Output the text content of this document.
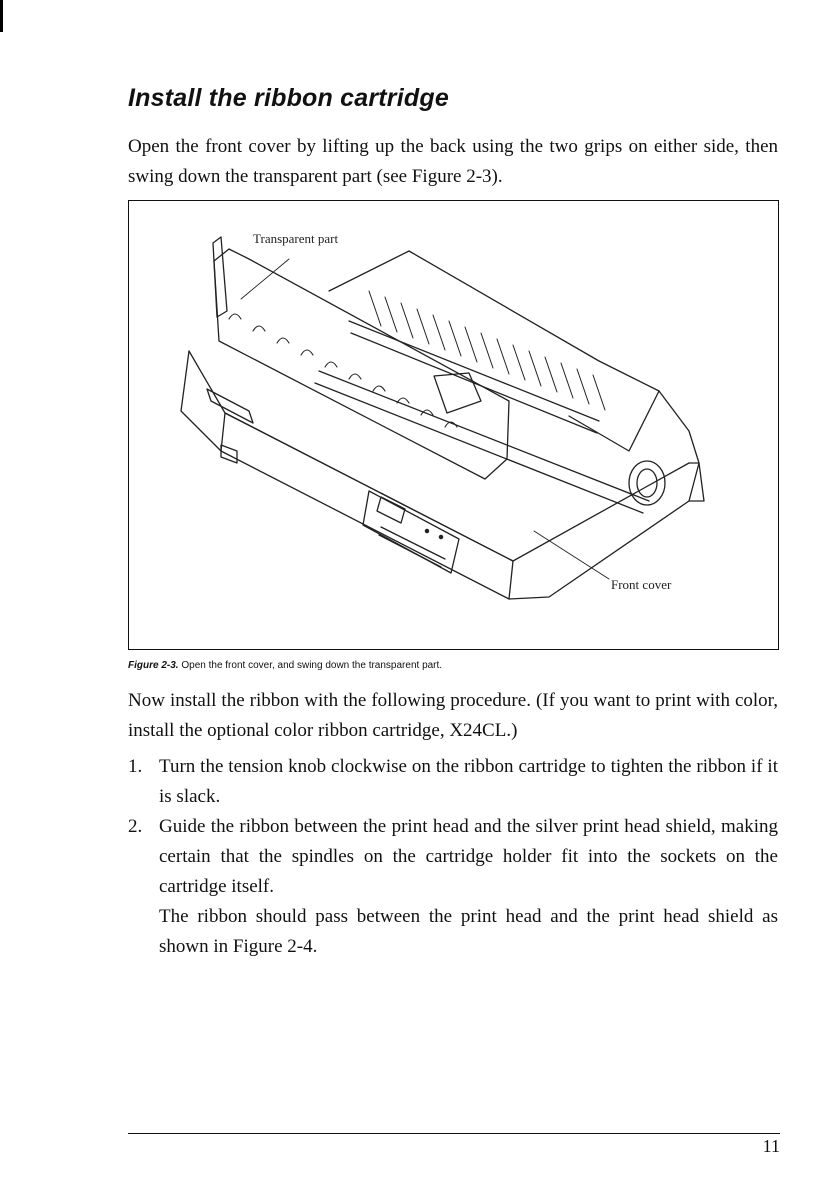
Install the ribbon cartridge

Open the front cover by lifting up the back using the two grips on either side, then swing down the transparent part (see Figure 2-3).

Transparent part
Front cover

Figure 2-3. Open the front cover, and swing down the transparent part.

Now install the ribbon with the following procedure. (If you want to print with color, install the optional color ribbon cartridge, X24CL.)

1. Turn the tension knob clockwise on the ribbon cartridge to tighten the ribbon if it is slack.
2. Guide the ribbon between the print head and the silver print head shield, making certain that the spindles on the cartridge holder fit into the sockets on the cartridge itself.
The ribbon should pass between the print head and the print head shield as shown in Figure 2-4.
11
